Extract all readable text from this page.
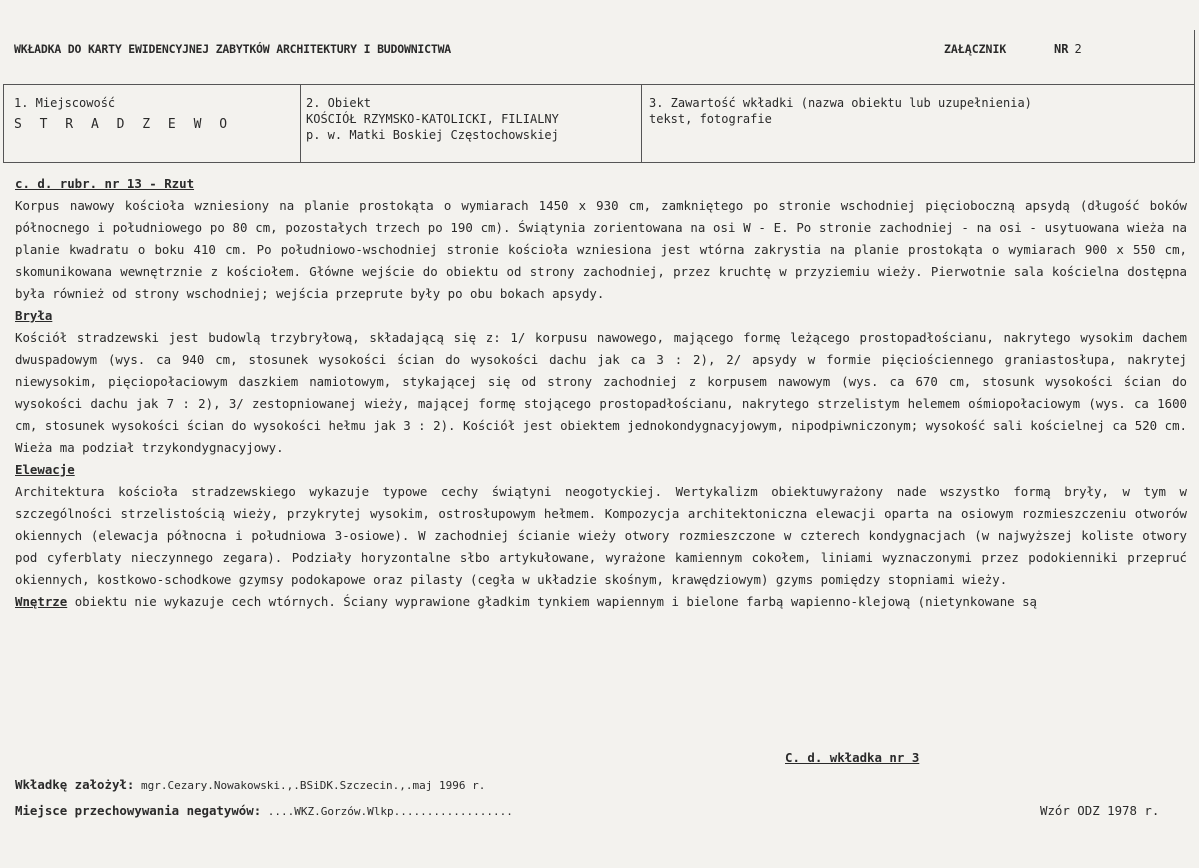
WKŁADKA DO KARTY EWIDENCYJNEJ ZABYTKÓW ARCHITEKTURY I BUDOWNICTWA	ZAŁĄCZNIK	NR 2
1. Miejscowość
S T R A D Z E W O
2. Obiekt
KOŚCIÓŁ RZYMSKO-KATOLICKI, FILIALNY
p. w. Matki Boskiej Częstochowskiej
3. Zawartość wkładki (nazwa obiektu lub uzupełnienia)
tekst, fotografie
c. d. rubr. nr 13 - Rzut

Korpus nawowy kościoła wzniesiony na planie prostokąta o wymiarach 1450 x 930 cm, zamkniętego po stronie wschodniej pięcioboczną apsydą (długość boków północnego i południowego po 80 cm, pozostałych trzech po 190 cm). Świątynia zorientowana na osi W - E. Po stronie zachodniej - na osi - usytuowana wieża na planie kwadratu o boku 410 cm. Po południowo-wschodniej stronie kościoła wzniesiona jest wtórna zakrystia na planie prostokąta o wymiarach 900 x 550 cm, skomunikowana wewnętrznie z kościołem. Główne wejście do obiektu od strony zachodniej, przez kruchtę w przyziemiu wieży. Pierwotnie sala kościelna dostępna była również od strony wschodniej; wejścia przeprute były po obu bokach apsydy.

Bryła

Kościół stradzewski jest budowlą trzybryłową, składającą się z: 1/ korpusu nawowego, mającego formę leżącego prostopadłościanu, nakrytego wysokim dachem dwuspadowym (wys. ca 940 cm, stosunek wysokości ścian do wysokości dachu jak ca 3 : 2), 2/ apsydy w formie pięciościennego graniastosłupa, nakrytej niewysokim, pięciopołaciowym daszkiem namiotowym, stykającej się od strony zachodniej z korpusem nawowym (wys. ca 670 cm, stosunk wysokości ścian do wysokości dachu jak 7 : 2), 3/ zestopniowanej wieży, mającej formę stojącego prostopadłościanu, nakrytego strzelistym helemem ośmiopołaciowym (wys. ca 1600 cm, stosunek wysokości ścian do wysokości hełmu jak 3 : 2). Kościół jest obiektem jednokondygnacyjowym, nipodpiwniczonym; wysokość sali kościelnej ca 520 cm. Wieża ma podział trzykondygnacyjowy.

Elewacje

Architektura kościoła stradzewskiego wykazuje typowe cechy świątyni neogotyckiej. Wertykalizm obiektuwyrażony nade wszystko formą bryły, w tym w szczególności strzelistością wieży, przykrytej wysokim, ostrosłupowym hełmem. Kompozycja architektoniczna elewacji oparta na osiowym rozmieszczeniu otworów okiennych (elewacja północna i południowa 3-osiowe). W zachodniej ścianie wieży otwory rozmieszczone w czterech kondygnacjach (w najwyższej koliste otwory pod cyferblaty nieczynnego zegara). Podziały horyzontalne słbo artykułowane, wyrażone kamiennym cokołem, liniami wyznaczonymi przez podokienniki przepruć okiennych, kostkowo-schodkowe gzymsy podokapowe oraz pilasty (cegła w układzie skośnym, krawędziowym) gzyms pomiędzy stopniami wieży.

Wnętrze obiektu nie wykazuje cech wtórnych. Ściany wyprawione gładkim tynkiem wapiennym i bielone farbą wapienno-klejową (nietynkowane są

C. d. wkładka nr 3
Wkładkę założył: mgr.Cezary.Nowakowski.,.BSiDK.Szczecin.,.maj 1996 r.
Miejsce przechowywania negatywów: ....WKZ.Gorzów.Wlkp..................	Wzór ODZ 1978 r.
